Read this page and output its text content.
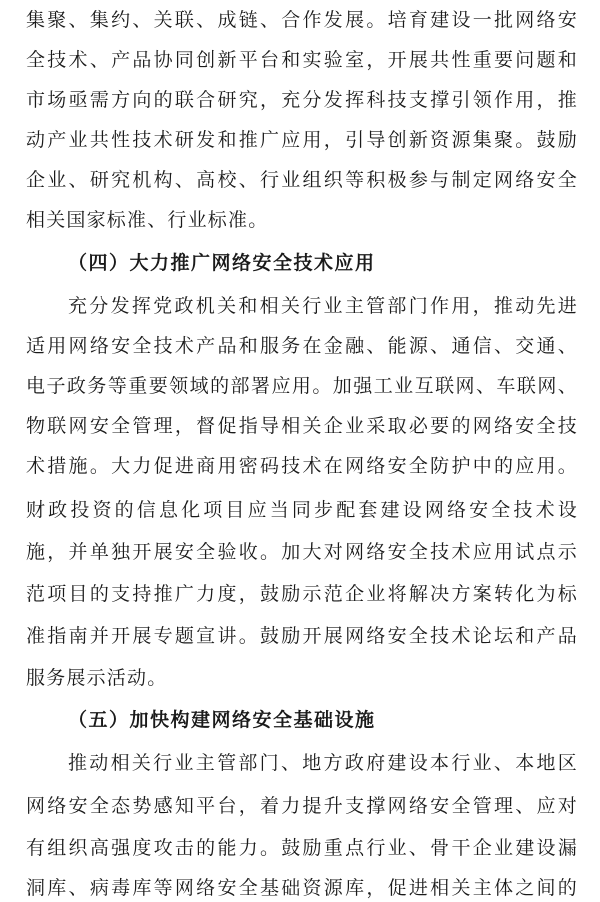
集聚、集约、关联、成链、合作发展。培育建设一批网络安
全技术、产品协同创新平台和实验室，开展共性重要问题和
市场亟需方向的联合研究，充分发挥科技支撑引领作用，推
动产业共性技术研发和推广应用，引导创新资源集聚。鼓励
企业、研究机构、高校、行业组织等积极参与制定网络安全
相关国家标准、行业标准。
（四）大力推广网络安全技术应用
充分发挥党政机关和相关行业主管部门作用，推动先进
适用网络安全技术产品和服务在金融、能源、通信、交通、
电子政务等重要领域的部署应用。加强工业互联网、车联网、
物联网安全管理，督促指导相关企业采取必要的网络安全技
术措施。大力促进商用密码技术在网络安全防护中的应用。
财政投资的信息化项目应当同步配套建设网络安全技术设
施，并单独开展安全验收。加大对网络安全技术应用试点示
范项目的支持推广力度，鼓励示范企业将解决方案转化为标
准指南并开展专题宣讲。鼓励开展网络安全技术论坛和产品
服务展示活动。
（五）加快构建网络安全基础设施
推动相关行业主管部门、地方政府建设本行业、本地区
网络安全态势感知平台，着力提升支撑网络安全管理、应对
有组织高强度攻击的能力。鼓励重点行业、骨干企业建设漏
洞库、病毒库等网络安全基础资源库，促进相关主体之间的
